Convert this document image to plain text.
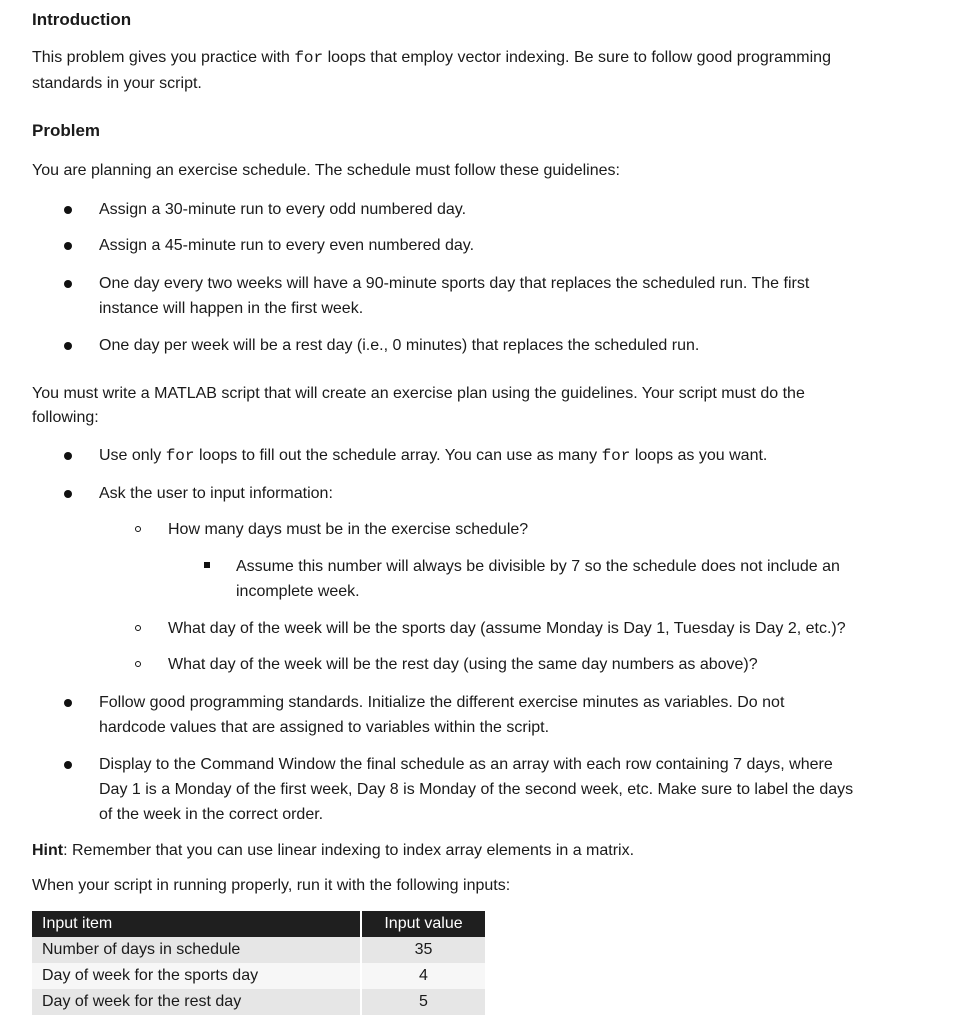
Introduction
This problem gives you practice with for loops that employ vector indexing. Be sure to follow good programming
standards in your script.
Problem
You are planning an exercise schedule. The schedule must follow these guidelines:
Assign a 30-minute run to every odd numbered day.
Assign a 45-minute run to every even numbered day.
One day every two weeks will have a 90-minute sports day that replaces the scheduled run. The first
instance will happen in the first week.
One day per week will be a rest day (i.e., 0 minutes) that replaces the scheduled run.
You must write a MATLAB script that will create an exercise plan using the guidelines. Your script must do the
following:
Use only for loops to fill out the schedule array. You can use as many for loops as you want.
Ask the user to input information:
How many days must be in the exercise schedule?
Assume this number will always be divisible by 7 so the schedule does not include an
incomplete week.
What day of the week will be the sports day (assume Monday is Day 1, Tuesday is Day 2, etc.)?
What day of the week will be the rest day (using the same day numbers as above)?
Follow good programming standards. Initialize the different exercise minutes as variables. Do not
hardcode values that are assigned to variables within the script.
Display to the Command Window the final schedule as an array with each row containing 7 days, where
Day 1 is a Monday of the first week, Day 8 is Monday of the second week, etc. Make sure to label the days
of the week in the correct order.
Hint: Remember that you can use linear indexing to index array elements in a matrix.
When your script in running properly, run it with the following inputs:
Input item	Input value
Number of days in schedule	35
Day of week for the sports day	4
Day of week for the rest day	5
